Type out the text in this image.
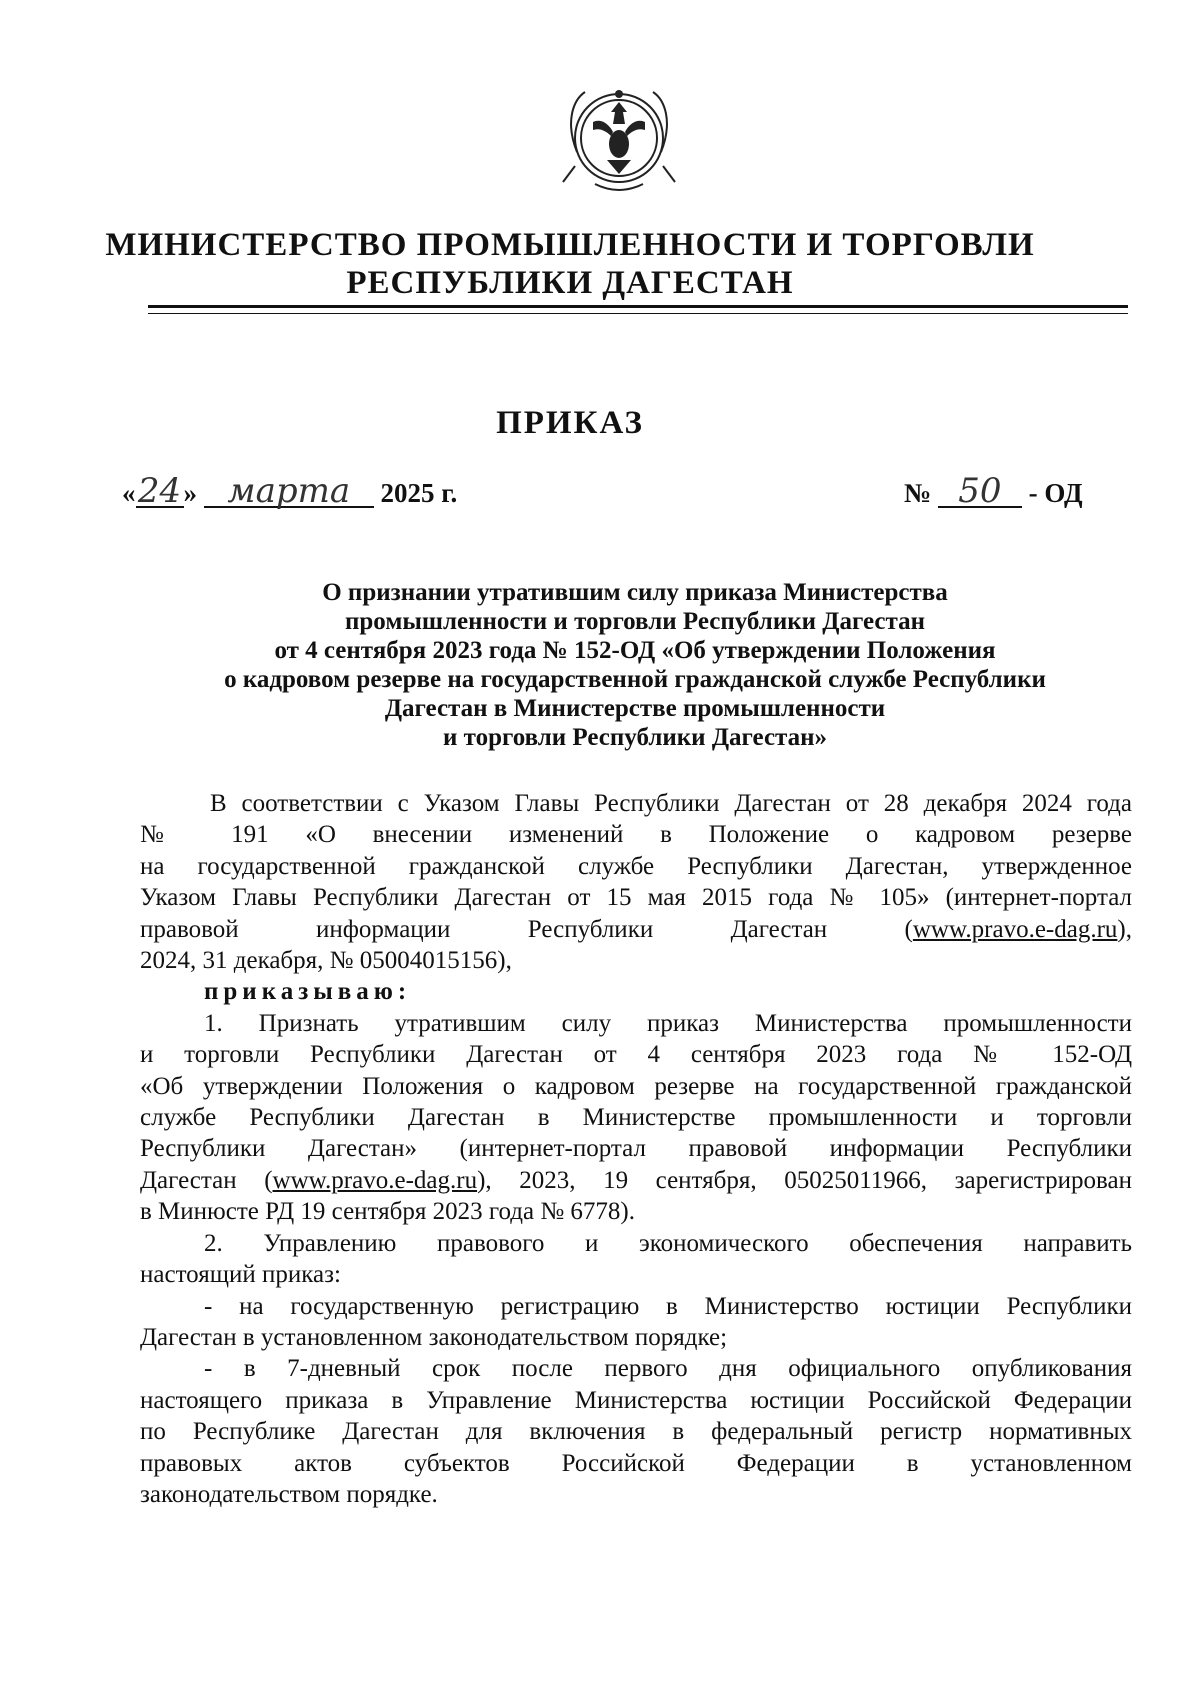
МИНИСТЕРСТВО ПРОМЫШЛЕННОСТИ И ТОРГОВЛИ
РЕСПУБЛИКИ ДАГЕСТАН
ПРИКАЗ
«24» марта 2025 г.	№ 50 - ОД
О признании утратившим силу приказа Министерства
промышленности и торговли Республики Дагестан
от 4 сентября 2023 года № 152-ОД «Об утверждении Положения
о кадровом резерве на государственной гражданской службе Республики
Дагестан в Министерстве промышленности
и торговли Республики Дагестан»

В соответствии с Указом Главы Республики Дагестан от 28 декабря 2024 года

№ 191 «О внесении изменений в Положение о кадровом резерве

на государственной гражданской службе Республики Дагестан, утвержденное

Указом Главы Республики Дагестан от 15 мая 2015 года № 105» (интернет-портал

правовой информации Республики Дагестан (www.pravo.e-dag.ru),

2024, 31 декабря, № 05004015156),

приказываю:

1. Признать утратившим силу приказ Министерства промышленности

и торговли Республики Дагестан от 4 сентября 2023 года № 152-ОД

«Об утверждении Положения о кадровом резерве на государственной гражданской

службе Республики Дагестан в Министерстве промышленности и торговли

Республики Дагестан» (интернет-портал правовой информации Республики

Дагестан (www.pravo.e-dag.ru), 2023, 19 сентября, 05025011966, зарегистрирован

в Минюсте РД 19 сентября 2023 года № 6778).

2. Управлению правового и экономического обеспечения направить

настоящий приказ:

- на государственную регистрацию в Министерство юстиции Республики

Дагестан в установленном законодательством порядке;

- в 7-дневный срок после первого дня официального опубликования

настоящего приказа в Управление Министерства юстиции Российской Федерации

по Республике Дагестан для включения в федеральный регистр нормативных

правовых актов субъектов Российской Федерации в установленном

законодательством порядке.
